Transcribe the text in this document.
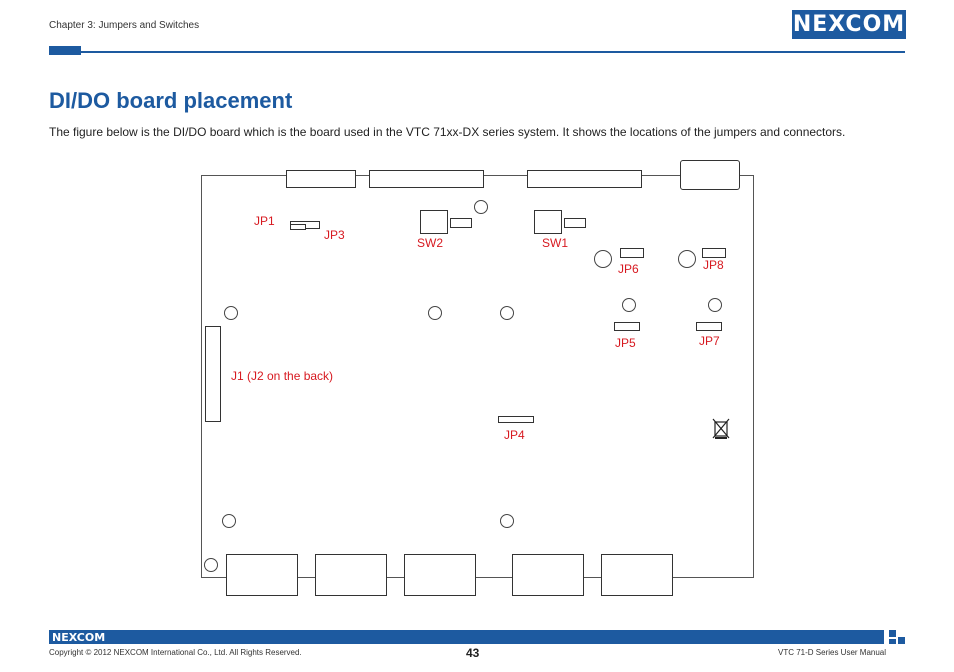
Chapter 3: Jumpers and Switches	NEXCOM
DI/DO board placement
The figure below is the DI/DO board which is the board used in the VTC 71xx-DX series system. It shows the locations of the jumpers and connectors.
JP1
JP3
SW2	SW1
JP6	JP8
JP5	JP7
J1 (J2 on the back)
JP4
NEXCOM
Copyright © 2012 NEXCOM International Co., Ltd. All Rights Reserved.	43	VTC 71-D Series User Manual
